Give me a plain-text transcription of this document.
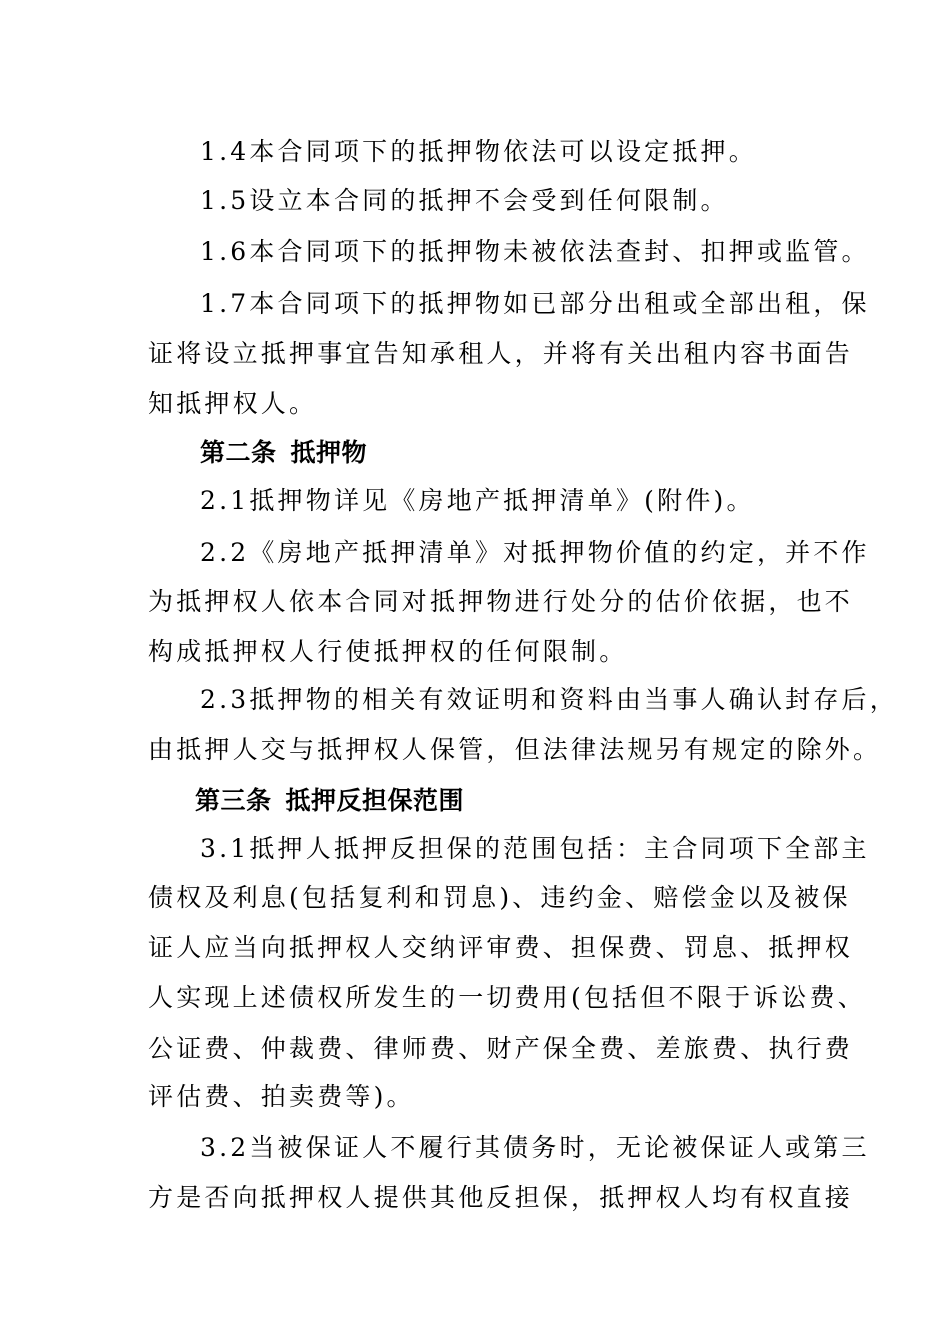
1.4本合同项下的抵押物依法可以设定抵押。
1.5设立本合同的抵押不会受到任何限制。
1.6本合同项下的抵押物未被依法查封、扣押或监管。
1.7本合同项下的抵押物如已部分出租或全部出租，保
证将设立抵押事宜告知承租人，并将有关出租内容书面告
知抵押权人。
第二条 抵押物
2.1抵押物详见《房地产抵押清单》(附件)。
2.2《房地产抵押清单》对抵押物价值的约定，并不作
为抵押权人依本合同对抵押物进行处分的估价依据，也不
构成抵押权人行使抵押权的任何限制。
2.3抵押物的相关有效证明和资料由当事人确认封存后，
由抵押人交与抵押权人保管，但法律法规另有规定的除外。
第三条 抵押反担保范围
3.1抵押人抵押反担保的范围包括：主合同项下全部主
债权及利息(包括复利和罚息)、违约金、赔偿金以及被保
证人应当向抵押权人交纳评审费、担保费、罚息、抵押权
人实现上述债权所发生的一切费用(包括但不限于诉讼费、
公证费、仲裁费、律师费、财产保全费、差旅费、执行费
评估费、拍卖费等)。
3.2当被保证人不履行其债务时，无论被保证人或第三
方是否向抵押权人提供其他反担保，抵押权人均有权直接
